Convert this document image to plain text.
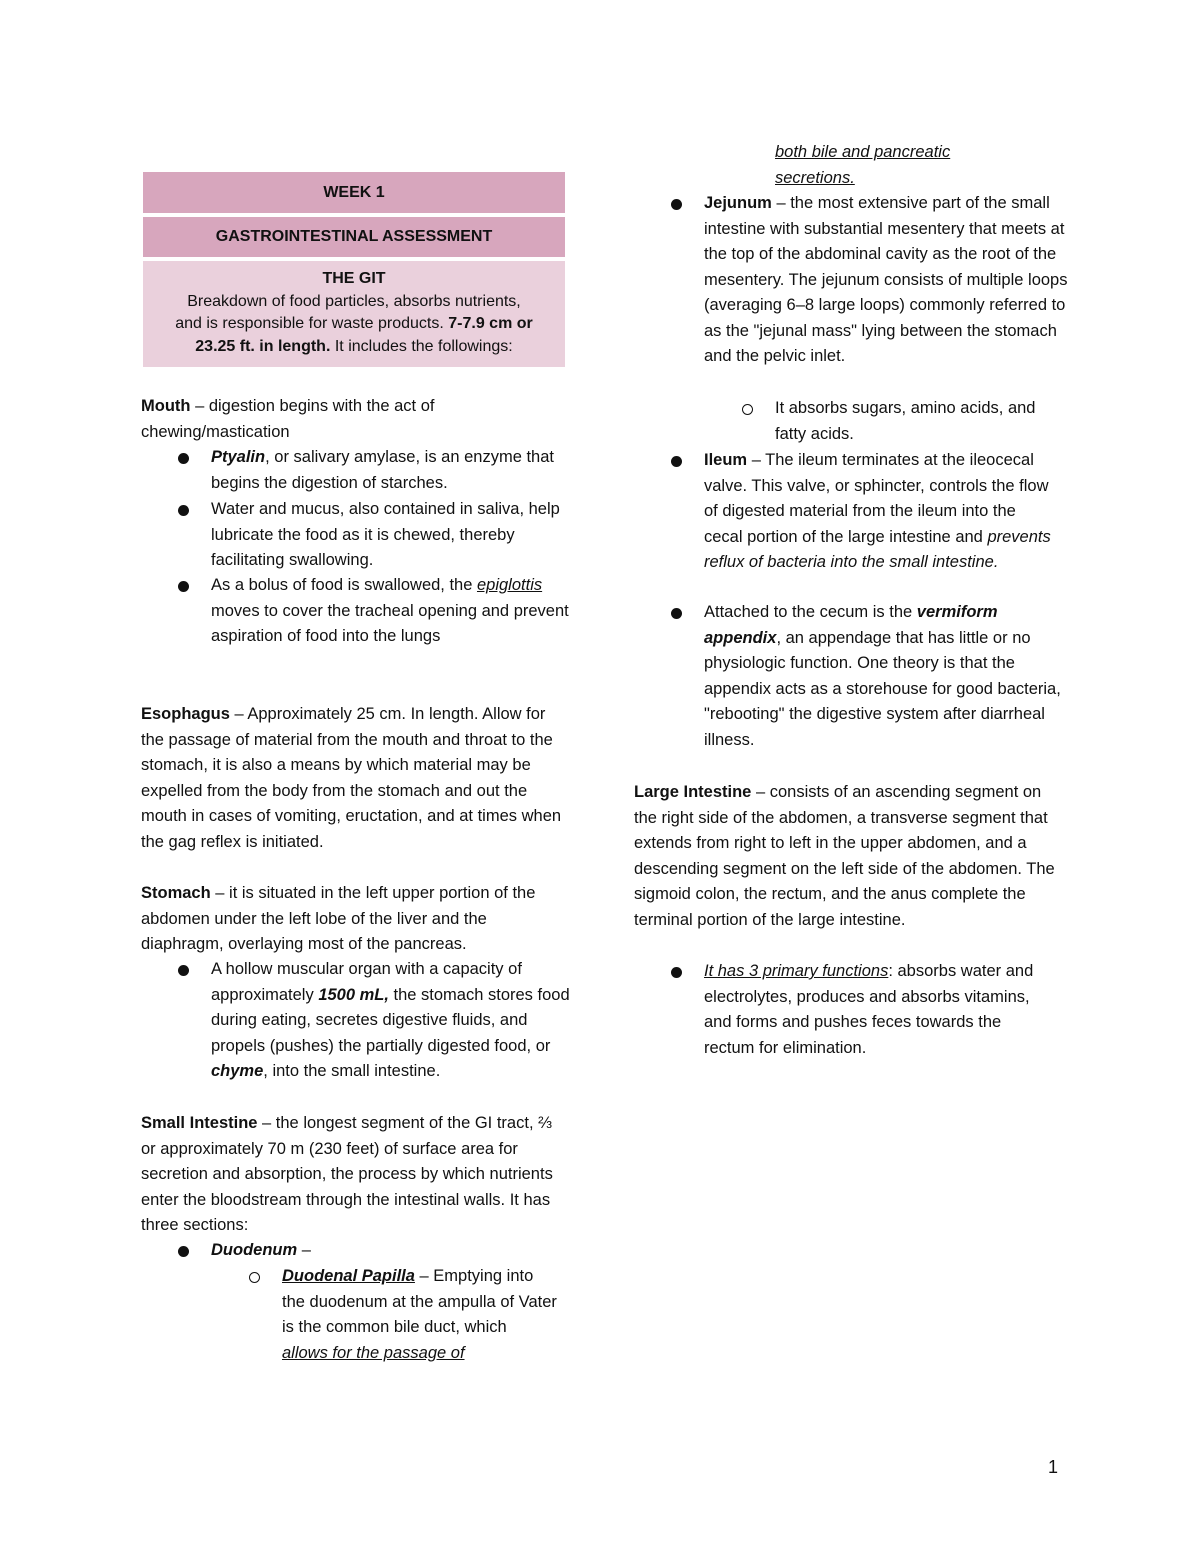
WEEK 1
GASTROINTESTINAL ASSESSMENT
THE GIT
Breakdown of food particles, absorbs nutrients,
and is responsible for waste products. 7-7.9 cm or
23.25 ft. in length. It includes the followings:

Mouth – digestion begins with the act of chewing/mastication

Ptyalin, or salivary amylase, is an enzyme that begins the digestion of starches.
Water and mucus, also contained in saliva, help lubricate the food as it is chewed, thereby facilitating swallowing.
As a bolus of food is swallowed, the epiglottis moves to cover the tracheal opening and prevent aspiration of food into the lungs

Esophagus – Approximately 25 cm. In length. Allow for the passage of material from the mouth and throat to the stomach, it is also a means by which material may be expelled from the body from the stomach and out the mouth in cases of vomiting, eructation, and at times when the gag reflex is initiated.

Stomach – it is situated in the left upper portion of the abdomen under the left lobe of the liver and the diaphragm, overlaying most of the pancreas.

A hollow muscular organ with a capacity of approximately 1500 mL, the stomach stores food during eating, secretes digestive fluids, and propels (pushes) the partially digested food, or chyme, into the small intestine.

Small Intestine – the longest segment of the GI tract, ⅔ or approximately 70 m (230 feet) of surface area for secretion and absorption, the process by which nutrients enter the bloodstream through the intestinal walls. It has three sections:

Duodenum –
Duodenal Papilla – Emptying into the duodenum at the ampulla of Vater is the common bile duct, which allows for the passage of
both bile and pancreatic
secretions.
Jejunum – the most extensive part of the small intestine with substantial mesentery that meets at the top of the abdominal cavity as the root of the mesentery. The jejunum consists of multiple loops (averaging 6–8 large loops) commonly referred to as the "jejunal mass" lying between the stomach and the pelvic inlet.
It absorbs sugars, amino acids, and fatty acids.
Ileum – The ileum terminates at the ileocecal valve. This valve, or sphincter, controls the flow of digested material from the ileum into the cecal portion of the large intestine and prevents reflux of bacteria into the small intestine.
Attached to the cecum is the vermiform appendix, an appendage that has little or no physiologic function. One theory is that the appendix acts as a storehouse for good bacteria, "rebooting" the digestive system after diarrheal illness.

Large Intestine – consists of an ascending segment on the right side of the abdomen, a transverse segment that extends from right to left in the upper abdomen, and a descending segment on the left side of the abdomen. The sigmoid colon, the rectum, and the anus complete the terminal portion of the large intestine.

It has 3 primary functions: absorbs water and electrolytes, produces and absorbs vitamins, and forms and pushes feces towards the rectum for elimination.
1
